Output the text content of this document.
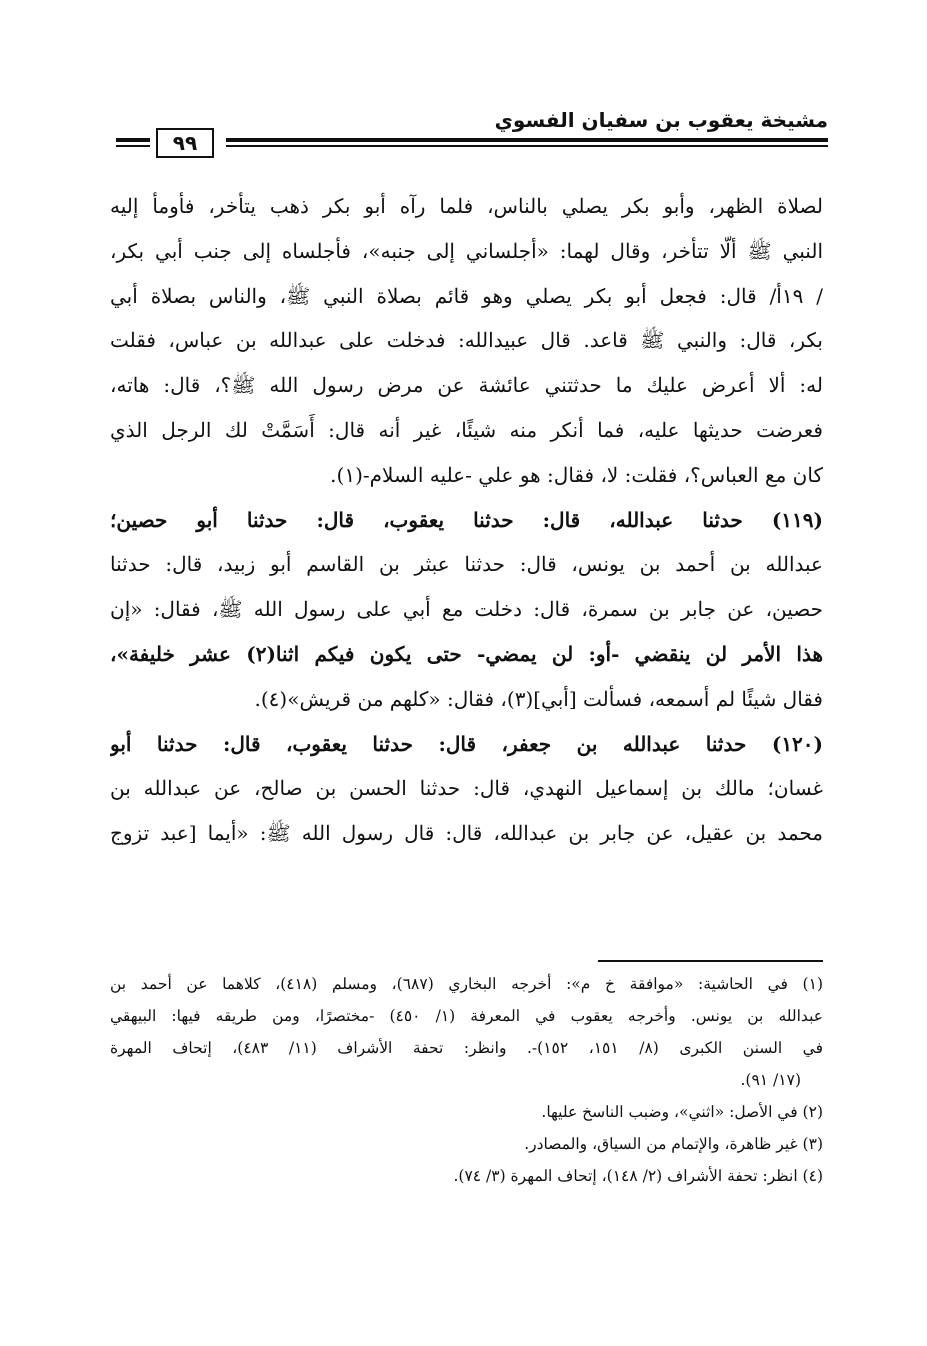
مشيخة يعقوب بن سفيان الفسوي
٩٩
لصلاة الظهر، وأبو بكر يصلي بالناس، فلما رآه أبو بكر ذهب يتأخر، فأومأ إليه
النبي ﷺ ألّا تتأخر، وقال لهما: «أجلساني إلى جنبه»، فأجلساه إلى جنب أبي بكر،
/ ١٩أ/ قال: فجعل أبو بكر يصلي وهو قائم بصلاة النبي ﷺ، والناس بصلاة أبي
بكر، قال: والنبي ﷺ قاعد. قال عبيدالله: فدخلت على عبدالله بن عباس، فقلت
له: ألا أعرض عليك ما حدثتني عائشة عن مرض رسول الله ﷺ؟، قال: هاته،
فعرضت حديثها عليه، فما أنكر منه شيئًا، غير أنه قال: أَسَمَّتْ لك الرجل الذي
كان مع العباس؟، فقلت: لا، فقال: هو علي -عليه السلام-(١).
(١١٩) حدثنا عبدالله، قال: حدثنا يعقوب، قال: حدثنا أبو حصين؛
عبدالله بن أحمد بن يونس، قال: حدثنا عبثر بن القاسم أبو زبيد، قال: حدثنا
حصين، عن جابر بن سمرة، قال: دخلت مع أبي على رسول الله ﷺ، فقال: «إن
هذا الأمر لن ينقضي -أو: لن يمضي- حتى يكون فيكم اثنا(٢) عشر خليفة»،
فقال شيئًا لم أسمعه، فسألت [أبي](٣)، فقال: «كلهم من قريش»(٤).
(١٢٠) حدثنا عبدالله بن جعفر، قال: حدثنا يعقوب، قال: حدثنا أبو
غسان؛ مالك بن إسماعيل النهدي، قال: حدثنا الحسن بن صالح، عن عبدالله بن
محمد بن عقيل، عن جابر بن عبدالله، قال: قال رسول الله ﷺ: «أيما [عبد تزوج
(١) في الحاشية: «موافقة خ م»: أخرجه البخاري (٦٨٧)، ومسلم (٤١٨)، كلاهما عن أحمد بن
عبدالله بن يونس. وأخرجه يعقوب في المعرفة (١/ ٤٥٠) -مختصرًا، ومن طريقه فيها: البيهقي
في السنن الكبرى (٨/ ١٥١، ١٥٢)-. وانظر: تحفة الأشراف (١١/ ٤٨٣)، إتحاف المهرة
(١٧/ ٩١).
(٢) في الأصل: «اثني»، وضبب الناسخ عليها.
(٣) غير ظاهرة، والإتمام من السياق، والمصادر.
(٤) انظر: تحفة الأشراف (٢/ ١٤٨)، إتحاف المهرة (٣/ ٧٤).
